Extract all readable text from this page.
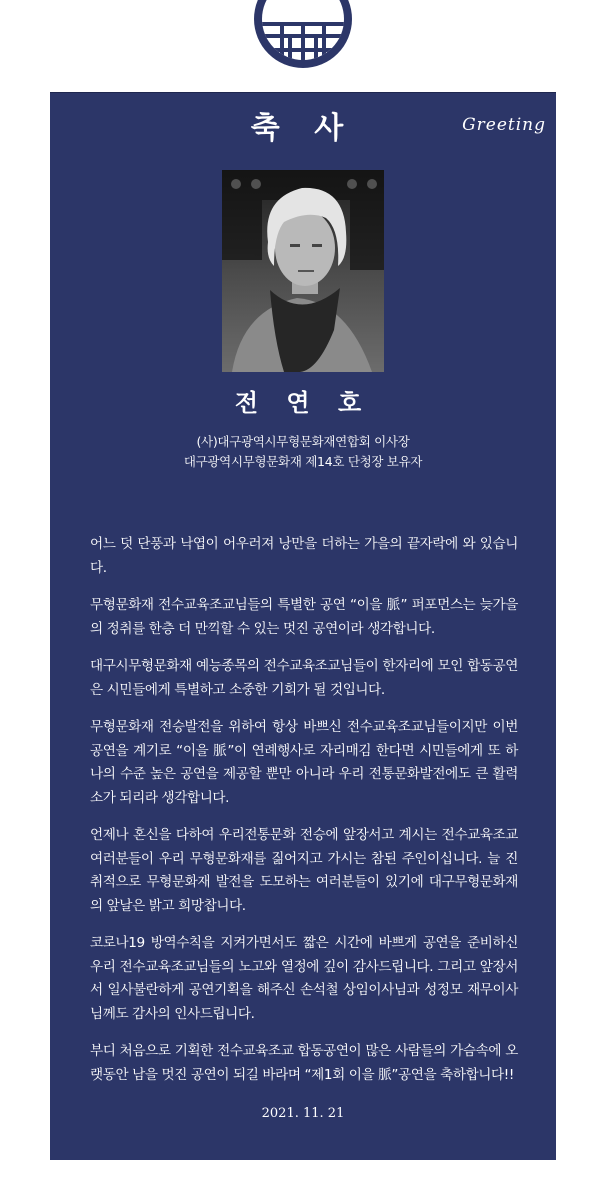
축 사	Greeting
전 연 호
(사)대구광역시무형문화재연합회 이사장
대구광역시무형문화재 제14호 단청장 보유자

어느 덧 단풍과 낙엽이 어우러져 낭만을 더하는 가을의 끝자락에 와 있습니다.

무형문화재 전수교육조교님들의 특별한 공연 “이을 脈” 퍼포먼스는 늦가을의 정취를 한층 더 만끽할 수 있는 멋진 공연이라 생각합니다.

대구시무형문화재 예능종목의 전수교육조교님들이 한자리에 모인 합동공연은 시민들에게 특별하고 소중한 기회가 될 것입니다.

무형문화재 전승발전을 위하여 항상 바쁘신 전수교육조교님들이지만 이번 공연을 계기로 “이을 脈”이 연례행사로 자리매김 한다면 시민들에게 또 하나의 수준 높은 공연을 제공할 뿐만 아니라 우리 전통문화발전에도 큰 활력소가 되리라 생각합니다.

언제나 혼신을 다하여 우리전통문화 전승에 앞장서고 계시는 전수교육조교 여러분들이 우리 무형문화재를 짊어지고 가시는 참된 주인이십니다. 늘 진취적으로 무형문화재 발전을 도모하는 여러분들이 있기에 대구무형문화재의 앞날은 밝고 희망찹니다.

코로나19 방역수칙을 지켜가면서도 짧은 시간에 바쁘게 공연을 준비하신 우리 전수교육조교님들의 노고와 열정에 깊이 감사드립니다. 그리고 앞장서서 일사불란하게 공연기획을 해주신 손석철 상임이사님과 성정모 재무이사님께도 감사의 인사드립니다.

부디 처음으로 기획한 전수교육조교 합동공연이 많은 사람들의 가슴속에 오랫동안 남을 멋진 공연이 되길 바라며 “제1회 이을 脈”공연을 축하합니다!!

2021. 11. 21
